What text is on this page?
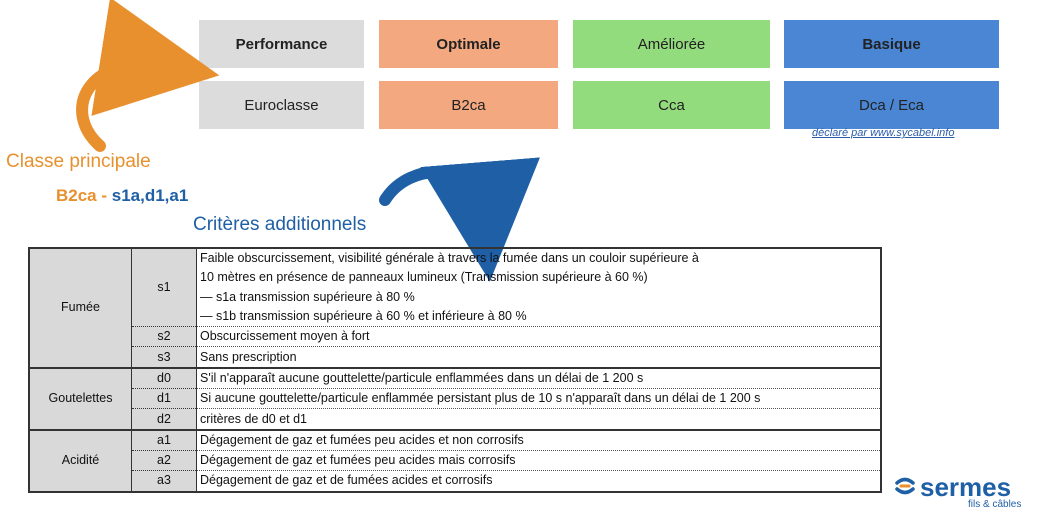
Performance	Optimale	Améliorée	Basique
Euroclasse	B2ca	Cca	Dca / Eca
déclaré par www.sycabel.info
Classe principale
B2ca - s1a,d1,a1
Critères additionnels
Fumée	s1	Faible obscurcissement, visibilité générale à travers la fumée dans un couloir supérieure à
		10 mètres en présence de panneaux lumineux (Transmission supérieure à 60 %)
		— s1a transmission supérieure à 80 %
		— s1b transmission supérieure à 60 % et inférieure à 80 %
	s2	Obscurcissement moyen à fort
	s3	Sans prescription
Goutelettes	d0	S'il n'apparaît aucune gouttelette/particule enflammées dans un délai de 1 200 s
	d1	Si aucune gouttelette/particule enflammée persistant plus de 10 s n'apparaît dans un délai de 1 200 s
	d2	critères de d0 et d1
Acidité	a1	Dégagement de gaz et fumées peu acides et non corrosifs
	a2	Dégagement de gaz et fumées peu acides mais corrosifs
	a3	Dégagement de gaz et de fumées acides et corrosifs	sermes
fils & câbles
